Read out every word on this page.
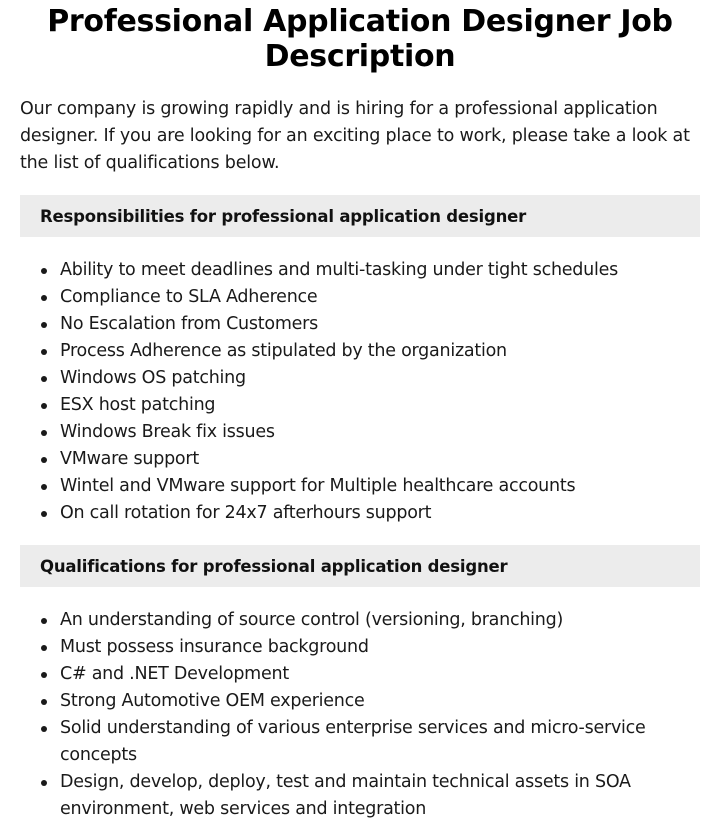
Professional Application Designer Job Description

Our company is growing rapidly and is hiring for a professional application designer. If you are looking for an exciting place to work, please take a look at the list of qualifications below.

Responsibilities for professional application designer
Ability to meet deadlines and multi-tasking under tight schedules
Compliance to SLA Adherence
No Escalation from Customers
Process Adherence as stipulated by the organization
Windows OS patching
ESX host patching
Windows Break fix issues
VMware support
Wintel and VMware support for Multiple healthcare accounts
On call rotation for 24x7 afterhours support
Qualifications for professional application designer
An understanding of source control (versioning, branching)
Must possess insurance background
C# and .NET Development
Strong Automotive OEM experience
Solid understanding of various enterprise services and micro-service concepts
Design, develop, deploy, test and maintain technical assets in SOA environment, web services and integration
